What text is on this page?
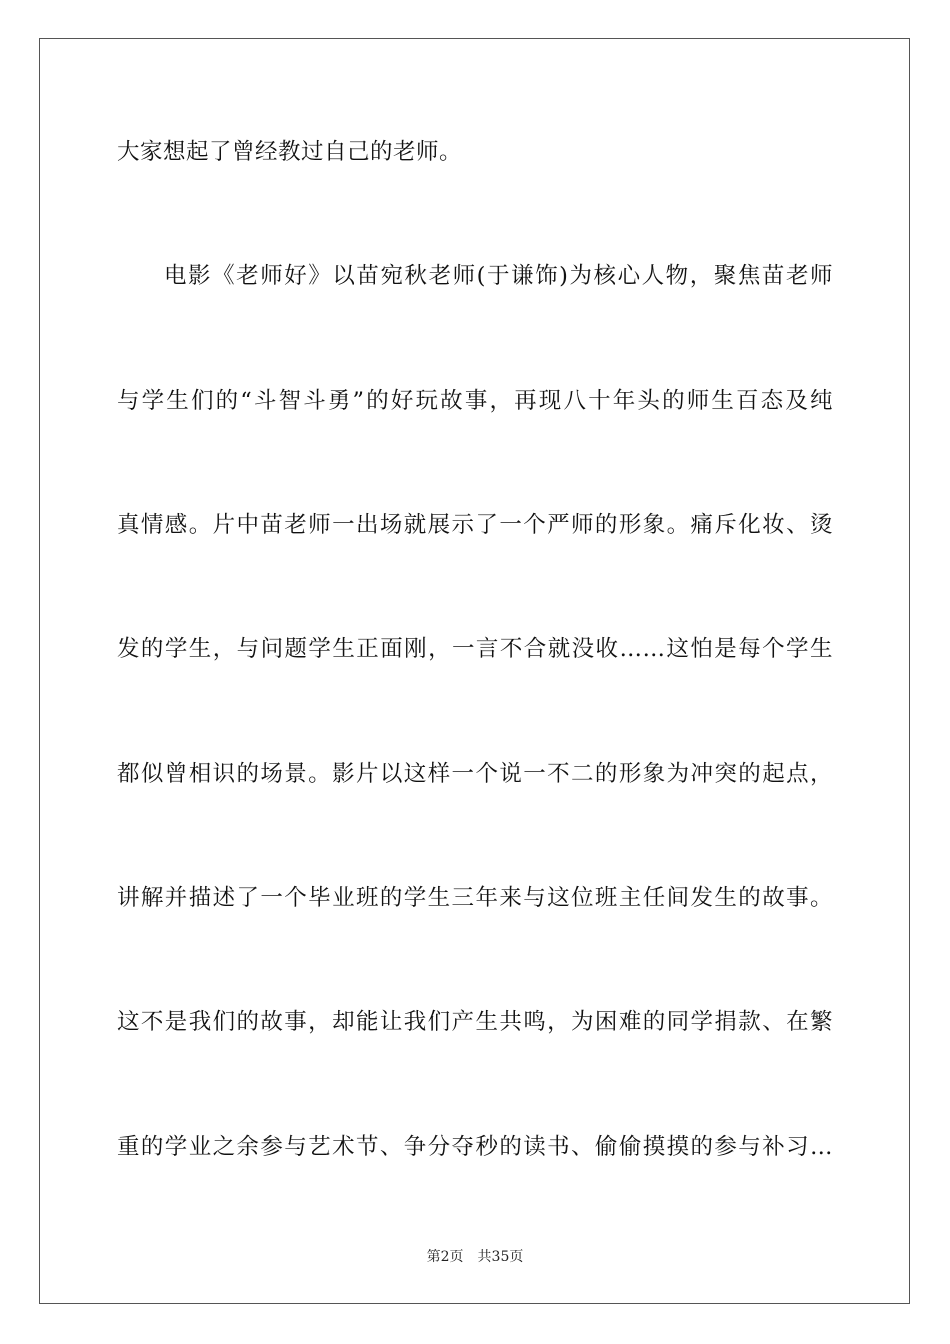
大家想起了曾经教过自己的老师。
电影《老师好》以苗宛秋老师(于谦饰)为核心人物，聚焦苗老师
与学生们的“斗智斗勇”的好玩故事，再现八十年头的师生百态及纯
真情感。片中苗老师一出场就展示了一个严师的形象。痛斥化妆、烫
发的学生，与问题学生正面刚，一言不合就没收……这怕是每个学生
都似曾相识的场景。影片以这样一个说一不二的形象为冲突的起点，
讲解并描述了一个毕业班的学生三年来与这位班主任间发生的故事。
这不是我们的故事，却能让我们产生共鸣，为困难的同学捐款、在繁
重的学业之余参与艺术节、争分夺秒的读书、偷偷摸摸的参与补习…
第2页 共35页
